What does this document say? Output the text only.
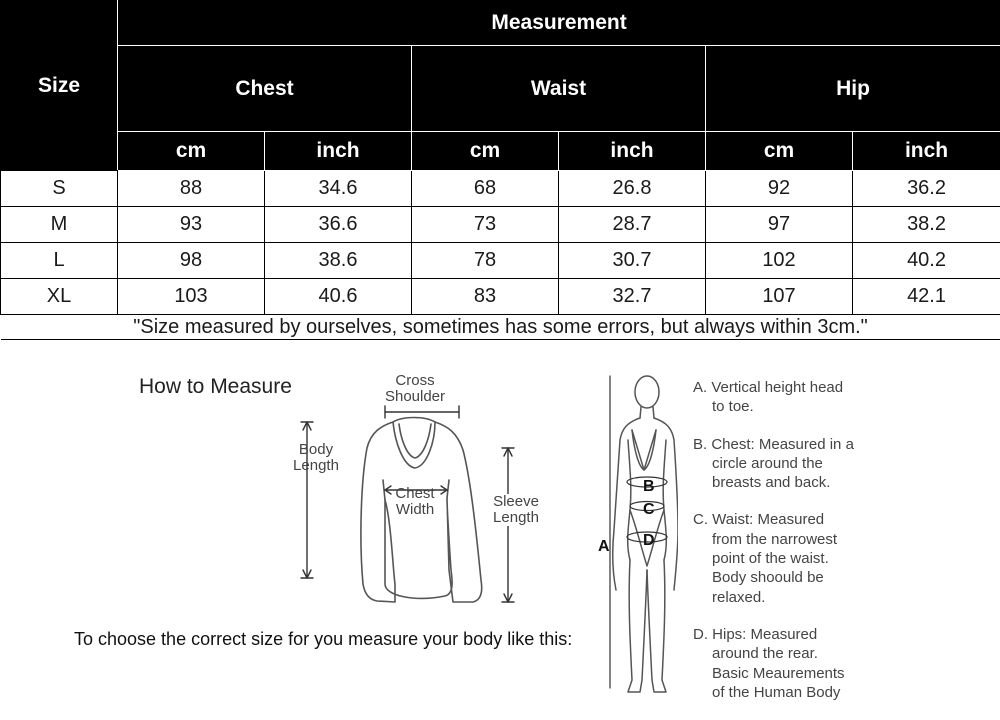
Size	Measurement					
	Chest		Waist		Hip	
	cm	inch	cm	inch	cm	inch
S	88	34.6	68	26.8	92	36.2
M	93	36.6	73	28.7	97	38.2
L	98	38.6	78	30.7	102	40.2
XL	103	40.6	83	32.7	107	42.1
"Size measured by ourselves, sometimes has some errors, but always within 3cm."						
How to Measure	Cross
Shoulder
Body
Length
Chest
Width	Sleeve
Length
A
B
C
D

A. Vertical height head

to toe.

B. Chest: Measured in a

circle around the

breasts and back.

C. Waist: Measured

from the narrowest

point of the waist.

Body shoould be

relaxed.

D. Hips: Measured

around the rear.

Basic Meaurements

of the Human Body

To choose the correct size for you measure your body like this:
